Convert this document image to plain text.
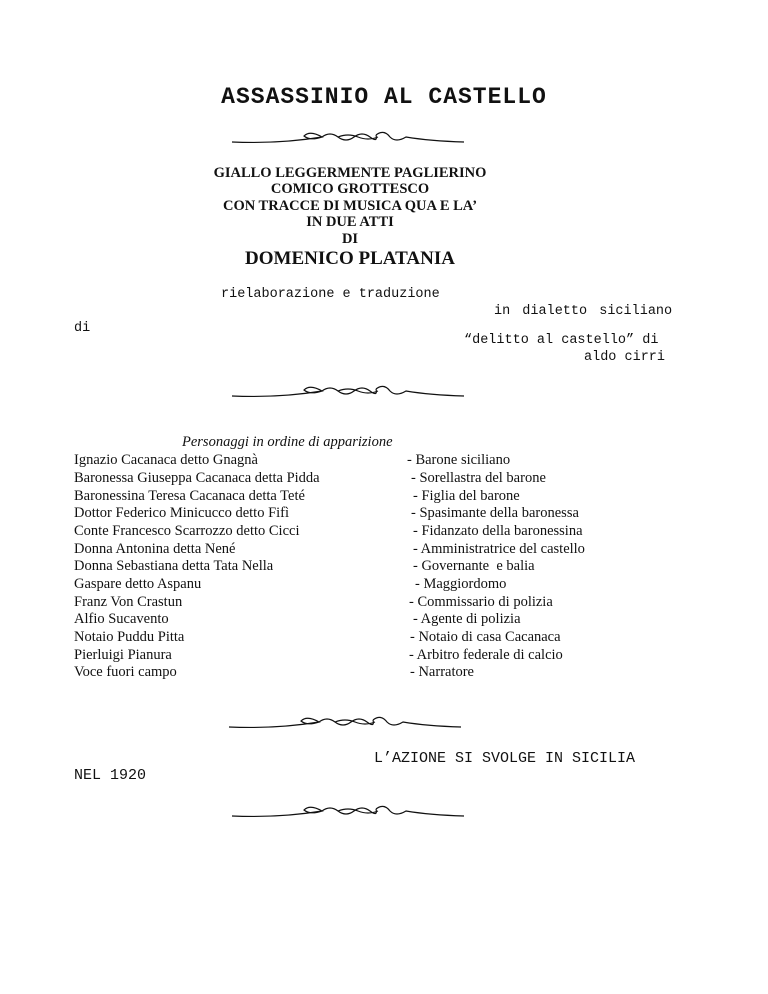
ASSASSINIO AL CASTELLO
GIALLO LEGGERMENTE PAGLIERINO
COMICO GROTTESCO
CON TRACCE DI MUSICA QUA E LA’
IN DUE ATTI
DI
DOMENICO PLATANIA
rielaborazione e traduzione
in dialetto siciliano
di
“delitto al castello” di
aldo cirri
Personaggi in ordine di apparizione
Ignazio Cacanaca detto Gnagnà	- Barone siciliano
Baronessa Giuseppa Cacanaca detta Pidda	- Sorellastra del barone
Baronessina Teresa Cacanaca detta Teté	- Figlia del barone
Dottor Federico Minicucco detto Fifì	- Spasimante della baronessa
Conte Francesco Scarrozzo detto Cicci	- Fidanzato della baronessina
Donna Antonina detta Nené	- Amministratrice del castello
Donna Sebastiana detta Tata Nella	- Governante  e balia
Gaspare detto Aspanu	- Maggiordomo
Franz Von Crastun	- Commissario di polizia
Alfio Sucavento	- Agente di polizia
Notaio Puddu Pitta	- Notaio di casa Cacanaca
Pierluigi Pianura	- Arbitro federale di calcio
Voce fuori campo	- Narratore
L’AZIONE SI SVOLGE IN SICILIA
NEL 1920
